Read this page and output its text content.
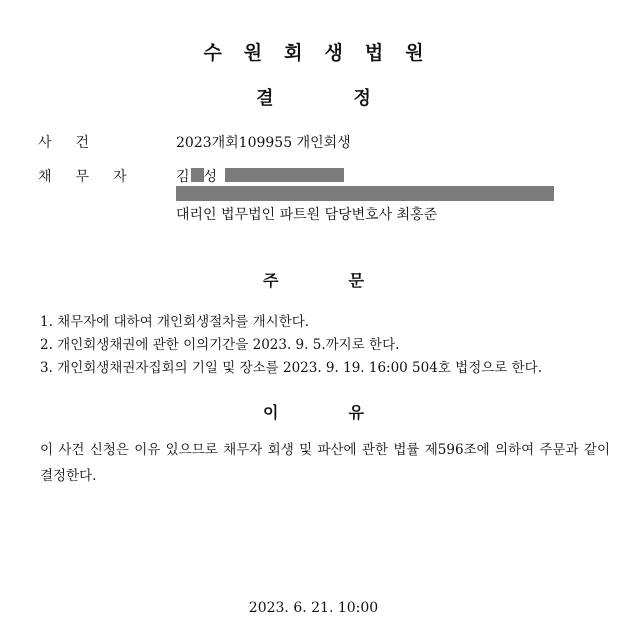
수원회생법원
결정
사건	2023개회109955 개인회생
채무자 김 성
대리인 법무법인 파트원 담당변호사 최홍준
주문
1. 채무자에 대하여 개인회생절차를 개시한다.
2. 개인회생채권에 관한 이의기간을 2023. 9. 5.까지로 한다.
3. 개인회생채권자집회의 기일 및 장소를 2023. 9. 19. 16:00 504호 법정으로 한다.
이유
이 사건 신청은 이유 있으므로 채무자 회생 및 파산에 관한 법률 제596조에 의하여 주문과 같이 결정한다.
2023. 6. 21. 10:00
